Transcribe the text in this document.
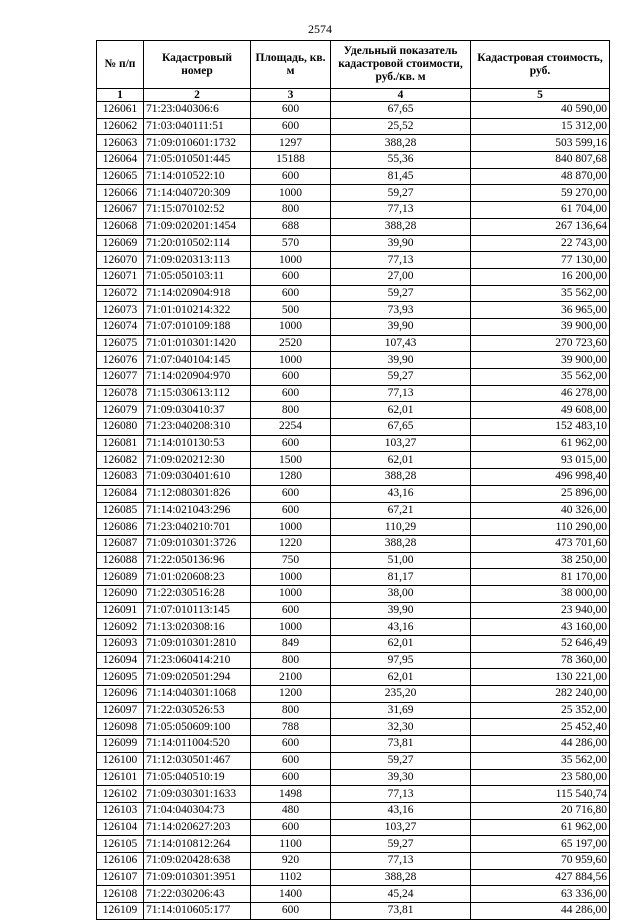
2574
№ п/п	Кадастровый номер	Площадь, кв. м	Удельный показатель кадастровой стоимости, руб./кв. м	Кадастровая стоимость, руб.
1	2	3	4	5
126061	71:23:040306:6	600	67,65	40 590,00
126062	71:03:040111:51	600	25,52	15 312,00
126063	71:09:010601:1732	1297	388,28	503 599,16
126064	71:05:010501:445	15188	55,36	840 807,68
126065	71:14:010522:10	600	81,45	48 870,00
126066	71:14:040720:309	1000	59,27	59 270,00
126067	71:15:070102:52	800	77,13	61 704,00
126068	71:09:020201:1454	688	388,28	267 136,64
126069	71:20:010502:114	570	39,90	22 743,00
126070	71:09:020313:113	1000	77,13	77 130,00
126071	71:05:050103:11	600	27,00	16 200,00
126072	71:14:020904:918	600	59,27	35 562,00
126073	71:01:010214:322	500	73,93	36 965,00
126074	71:07:010109:188	1000	39,90	39 900,00
126075	71:01:010301:1420	2520	107,43	270 723,60
126076	71:07:040104:145	1000	39,90	39 900,00
126077	71:14:020904:970	600	59,27	35 562,00
126078	71:15:030613:112	600	77,13	46 278,00
126079	71:09:030410:37	800	62,01	49 608,00
126080	71:23:040208:310	2254	67,65	152 483,10
126081	71:14:010130:53	600	103,27	61 962,00
126082	71:09:020212:30	1500	62,01	93 015,00
126083	71:09:030401:610	1280	388,28	496 998,40
126084	71:12:080301:826	600	43,16	25 896,00
126085	71:14:021043:296	600	67,21	40 326,00
126086	71:23:040210:701	1000	110,29	110 290,00
126087	71:09:010301:3726	1220	388,28	473 701,60
126088	71:22:050136:96	750	51,00	38 250,00
126089	71:01:020608:23	1000	81,17	81 170,00
126090	71:22:030516:28	1000	38,00	38 000,00
126091	71:07:010113:145	600	39,90	23 940,00
126092	71:13:020308:16	1000	43,16	43 160,00
126093	71:09:010301:2810	849	62,01	52 646,49
126094	71:23:060414:210	800	97,95	78 360,00
126095	71:09:020501:294	2100	62,01	130 221,00
126096	71:14:040301:1068	1200	235,20	282 240,00
126097	71:22:030526:53	800	31,69	25 352,00
126098	71:05:050609:100	788	32,30	25 452,40
126099	71:14:011004:520	600	73,81	44 286,00
126100	71:12:030501:467	600	59,27	35 562,00
126101	71:05:040510:19	600	39,30	23 580,00
126102	71:09:030301:1633	1498	77,13	115 540,74
126103	71:04:040304:73	480	43,16	20 716,80
126104	71:14:020627:203	600	103,27	61 962,00
126105	71:14:010812:264	1100	59,27	65 197,00
126106	71:09:020428:638	920	77,13	70 959,60
126107	71:09:010301:3951	1102	388,28	427 884,56
126108	71:22:030206:43	1400	45,24	63 336,00
126109	71:14:010605:177	600	73,81	44 286,00
